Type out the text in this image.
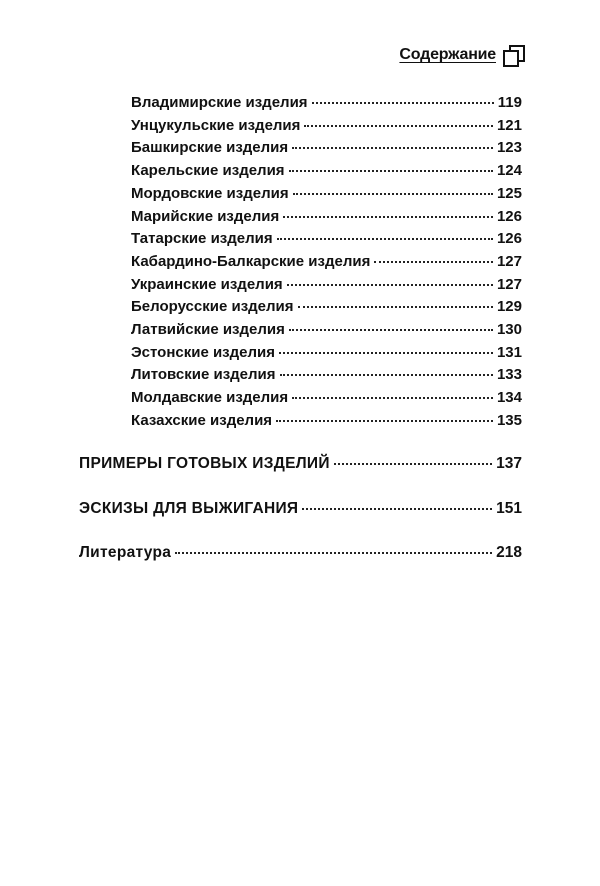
Содержание
Владимирские изделия	119
Унцукульские изделия	121
Башкирские изделия	123
Карельские изделия	124
Мордовские изделия	125
Марийские изделия	126
Татарские изделия	126
Кабардино-Балкарские изделия	127
Украинские изделия	127
Белорусские изделия	129
Латвийские изделия	130
Эстонские изделия	131
Литовские изделия	133
Молдавские изделия	134
Казахские изделия	135
ПРИМЕРЫ ГОТОВЫХ ИЗДЕЛИЙ	137
ЭСКИЗЫ ДЛЯ ВЫЖИГАНИЯ	151
Литература	218
